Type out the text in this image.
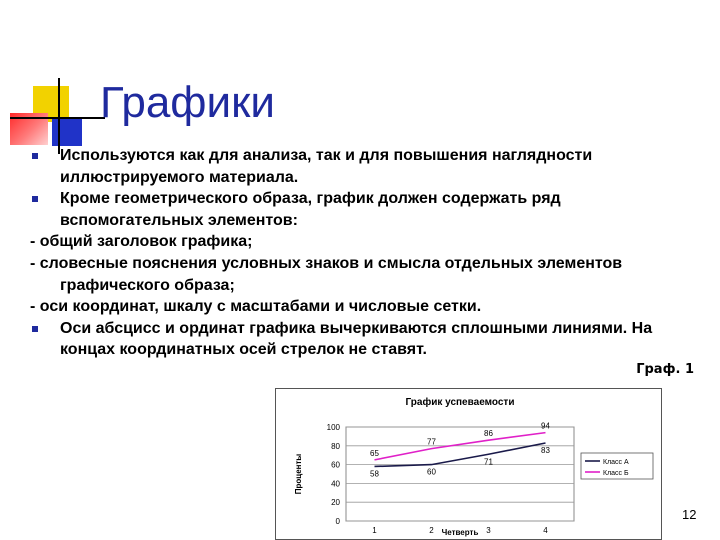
Графики

Используются как для анализа, так и для повышения наглядности

иллюстрируемого материала.

Кроме геометрического образа, график должен содержать ряд

вспомогательных элементов:

- общий заголовок графика;

- словесные пояснения условных знаков и смысла отдельных элементов графического образа;

- оси координат, шкалу с масштабами и числовые сетки.

Оси абсцисс и ординат графика вычеркиваются сплошными линиями. На

концах координатных осей стрелок не ставят.

Граф. 1
График успеваемости
0
20
40
60
80
100
1	2	3	4
Четверть
Проценты	58	60
71
83
65
77
86
94
Класс А
Класс Б
12
